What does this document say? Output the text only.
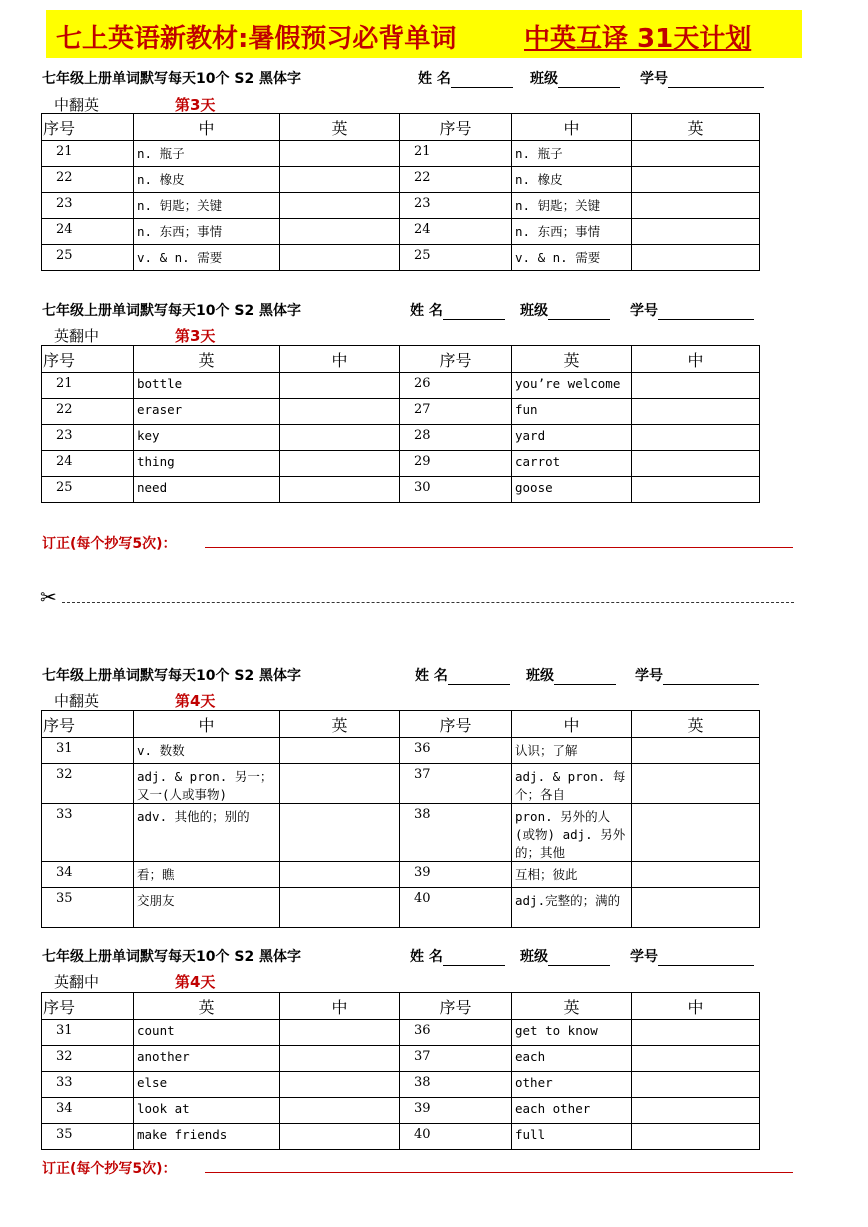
七上英语新教材:暑假预习必背单词	中英互译 31天计划
七年级上册单词默写每天10个 S2 黑体字	姓 名	班级	学号
中翻英	第3天
序号	中	英	序号	中	英
21	n. 瓶子		21	n. 瓶子	
22	n. 橡皮		22	n. 橡皮	
23	n. 钥匙；关键		23	n. 钥匙；关键	
24	n. 东西；事情		24	n. 东西；事情	
25	v. & n. 需要		25	v. & n. 需要	
七年级上册单词默写每天10个 S2 黑体字	姓 名	班级	学号
英翻中	第3天
序号	英	中	序号	英	中
21	bottle		26	you’re welcome	
22	eraser		27	fun	
23	key		28	yard	
24	thing		29	carrot	
25	need		30	goose	
订正(每个抄写5次)：
✂
七年级上册单词默写每天10个 S2 黑体字	姓 名	班级	学号
中翻英	第4天
序号	中	英	序号	中	英
31	v. 数数		36	认识；了解	
32	adj. & pron. 另一；又一(人或事物)		37	adj. & pron. 每个；各自	
33	adv. 其他的；别的		38	pron. 另外的人(或物) adj. 另外的；其他	
34	看；瞧		39	互相；彼此	
35	交朋友		40	adj.完整的；满的	
七年级上册单词默写每天10个 S2 黑体字	姓 名	班级	学号
英翻中	第4天
序号	英	中	序号	英	中
31	count		36	get to know	
32	another		37	each	
33	else		38	other	
34	look at		39	each other	
35	make friends		40	full	
订正(每个抄写5次)：
